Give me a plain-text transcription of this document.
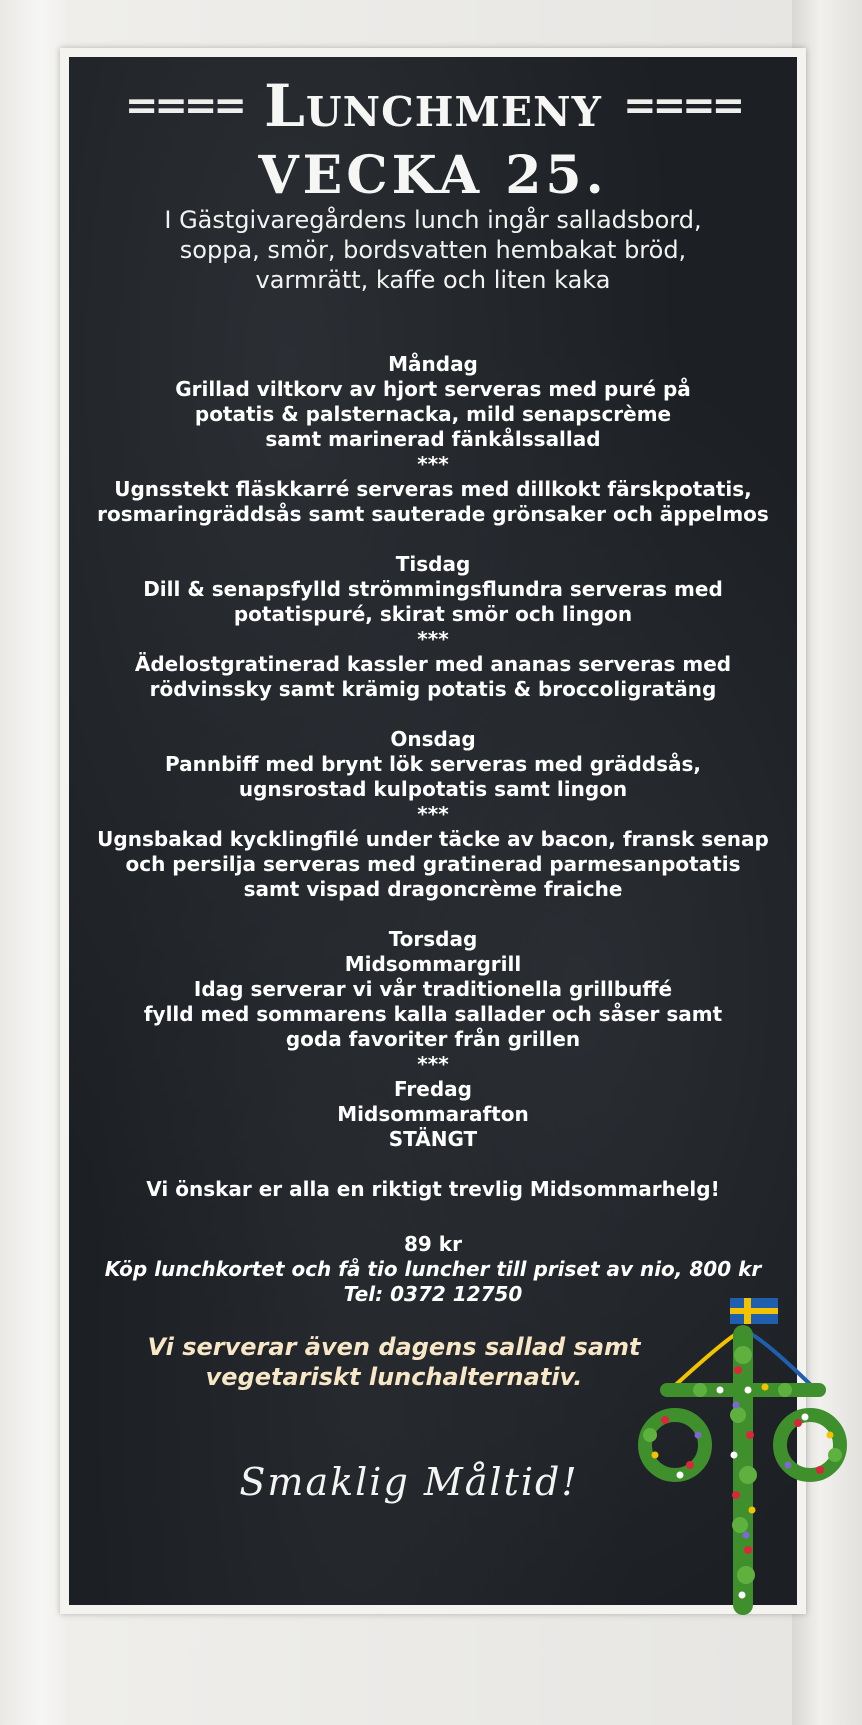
==== Lunchmeny ====
VECKA 25.
I Gästgivaregårdens lunch ingår salladsbord,
soppa, smör, bordsvatten hembakat bröd,
varmrätt, kaffe och liten kaka
Måndag
Grillad viltkorv av hjort serveras med puré på
potatis & palsternacka, mild senapscrème
samt marinerad fänkålssallad
***
Ugnsstekt fläskkarré serveras med dillkokt färskpotatis,
rosmaringräddsås samt sauterade grönsaker och äppelmos
Tisdag
Dill & senapsfylld strömmingsflundra serveras med
potatispuré, skirat smör och lingon
***
Ädelostgratinerad kassler med ananas serveras med
rödvinssky samt krämig potatis & broccoligratäng
Onsdag
Pannbiff med brynt lök serveras med gräddsås,
ugnsrostad kulpotatis samt lingon
***
Ugnsbakad kycklingfilé under täcke av bacon, fransk senap
och persilja serveras med gratinerad parmesanpotatis
samt vispad dragoncrème fraiche
Torsdag
Midsommargrill
Idag serverar vi vår traditionella grillbuffé
fylld med sommarens kalla sallader och såser samt
goda favoriter från grillen
***
Fredag
Midsommarafton
STÄNGT
Vi önskar er alla en riktigt trevlig Midsommarhelg!
89 kr
Köp lunchkortet och få tio luncher till priset av nio, 800 kr
Tel: 0372 12750
Vi serverar även dagens sallad samt
vegetariskt lunchalternativ.
Smaklig Måltid!
